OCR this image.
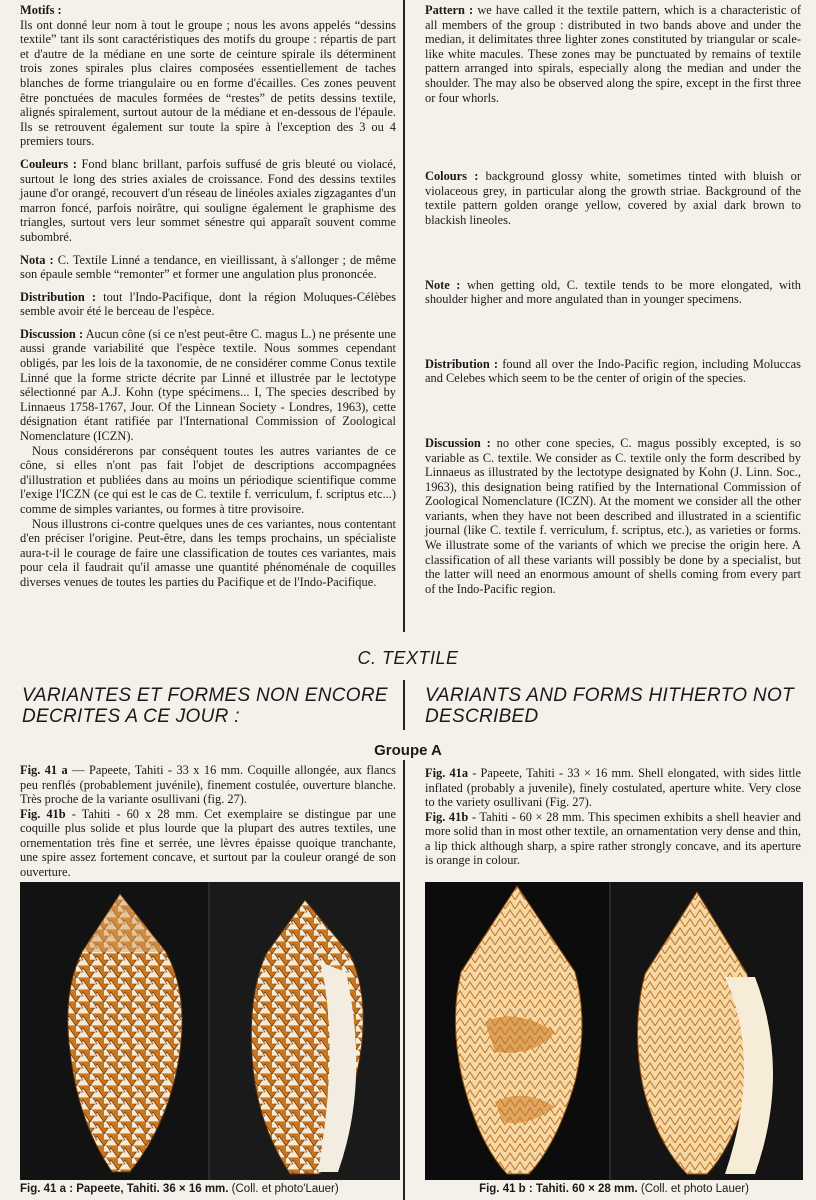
Motifs :

Ils ont donné leur nom à tout le groupe ; nous les avons appelés “dessins textile” tant ils sont caractéristiques des motifs du groupe : répartis de part et d'autre de la médiane en une sorte de ceinture spirale ils déterminent trois zones spirales plus claires composées essentiellement de taches blanches de forme triangulaire ou en forme d'écailles. Ces zones peuvent être ponctuées de macules formées de “restes” de petits dessins textile, alignés spiralement, surtout autour de la médiane et en-dessous de l'épaule. Ils se retrouvent également sur toute la spire à l'exception des 3 ou 4 premiers tours.

Couleurs : Fond blanc brillant, parfois suffusé de gris bleuté ou violacé, surtout le long des stries axiales de croissance. Fond des dessins textiles jaune d'or orangé, recouvert d'un réseau de linéoles axiales zigzagantes d'un marron foncé, parfois noirâtre, qui souligne également le graphisme des triangles, surtout vers leur sommet sénestre qui apparaît souvent comme subombré.

Nota : C. Textile Linné a tendance, en vieillissant, à s'allonger ; de même son épaule semble “remonter” et former une angulation plus prononcée.

Distribution : tout l'Indo-Pacifique, dont la région Moluques-Célèbes semble avoir été le berceau de l'espèce.

Discussion : Aucun cône (si ce n'est peut-être C. magus L.) ne présente une aussi grande variabilité que l'espèce textile. Nous sommes cependant obligés, par les lois de la taxonomie, de ne considérer comme Conus textile Linné que la forme stricte décrite par Linné et illustrée par le lectotype sélectionné par A.J. Kohn (type spécimens... I, The species described by Linnaeus 1758-1767, Jour. Of the Linnean Society - Londres, 1963), cette désignation étant ratifiée par l'International Commission of Zoological Nomenclature (ICZN).

Nous considérerons par conséquent toutes les autres variantes de ce cône, si elles n'ont pas fait l'objet de descriptions accompagnées d'illustration et publiées dans au moins un périodique scientifique comme l'exige l'ICZN (ce qui est le cas de C. textile f. verriculum, f. scriptus etc...) comme de simples variantes, ou formes à titre provisoire.

Nous illustrons ci-contre quelques unes de ces variantes, nous contentant d'en préciser l'origine. Peut-être, dans les temps prochains, un spécialiste aura-t-il le courage de faire une classification de toutes ces variantes, mais pour cela il faudrait qu'il amasse une quantité phénoménale de coquilles diverses venues de toutes les parties du Pacifique et de l'Indo-Pacifique.

Pattern : we have called it the textile pattern, which is a characteristic of all members of the group : distributed in two bands above and under the median, it delimitates three lighter zones constituted by triangular or scale-like white macules. These zones may be punctuated by remains of textile pattern arranged into spirals, especially along the median and under the shoulder. The may also be observed along the spire, except in the first three or four whorls.

Colours : background glossy white, sometimes tinted with bluish or violaceous grey, in particular along the growth striae. Background of the textile pattern golden orange yellow, covered by axial dark brown to blackish lineoles.

Note : when getting old, C. textile tends to be more elongated, with shoulder higher and more angulated than in younger specimens.

Distribution : found all over the Indo-Pacific region, including Moluccas and Celebes which seem to be the center of origin of the species.

Discussion : no other cone species, C. magus possibly excepted, is so variable as C. textile. We consider as C. textile only the form described by Linnaeus as illustrated by the lectotype designated by Kohn (J. Linn. Soc., 1963), this designation being ratified by the International Commission of Zoological Nomenclature (ICZN). At the moment we consider all the other variants, when they have not been described and illustrated in a scientific journal (like C. textile f. verriculum, f. scriptus, etc.), as varieties or forms. We illustrate some of the variants of which we precise the origin here. A classification of all these variants will possibly be done by a specialist, but the latter will need an enormous amount of shells coming from every part of the Indo-Pacific region.

C. TEXTILE
VARIANTES ET FORMES NON ENCORE DECRITES A CE JOUR :
VARIANTS AND FORMS HITHERTO NOT DESCRIBED
Groupe A

Fig. 41 a — Papeete, Tahiti - 33 x 16 mm. Coquille allongée, aux flancs peu renflés (probablement juvénile), finement costulée, ouverture blanche. Très proche de la variante osullivani (fig. 27).

Fig. 41b - Tahiti - 60 x 28 mm. Cet exemplaire se distingue par une coquille plus solide et plus lourde que la plupart des autres textiles, une ornementation très fine et serrée, une lèvres épaisse quoique tranchante, une spire assez fortement concave, et surtout par la couleur orangé de son ouverture.

Fig. 41a - Papeete, Tahiti - 33 × 16 mm. Shell elongated, with sides little inflated (probably a juvenile), finely costulated, aperture white. Very close to the variety osullivani (Fig. 27).

Fig. 41b - Tahiti - 60 × 28 mm. This specimen exhibits a shell heavier and more solid than in most other textile, an ornamentation very dense and thin, a lip thick although sharp, a spire rather strongly concave, and its aperture is orange in colour.

Fig. 41 a : Papeete, Tahiti. 36 × 16 mm. (Coll. et photo'Lauer)	Fig. 41 b : Tahiti. 60 × 28 mm. (Coll. et photo Lauer)
